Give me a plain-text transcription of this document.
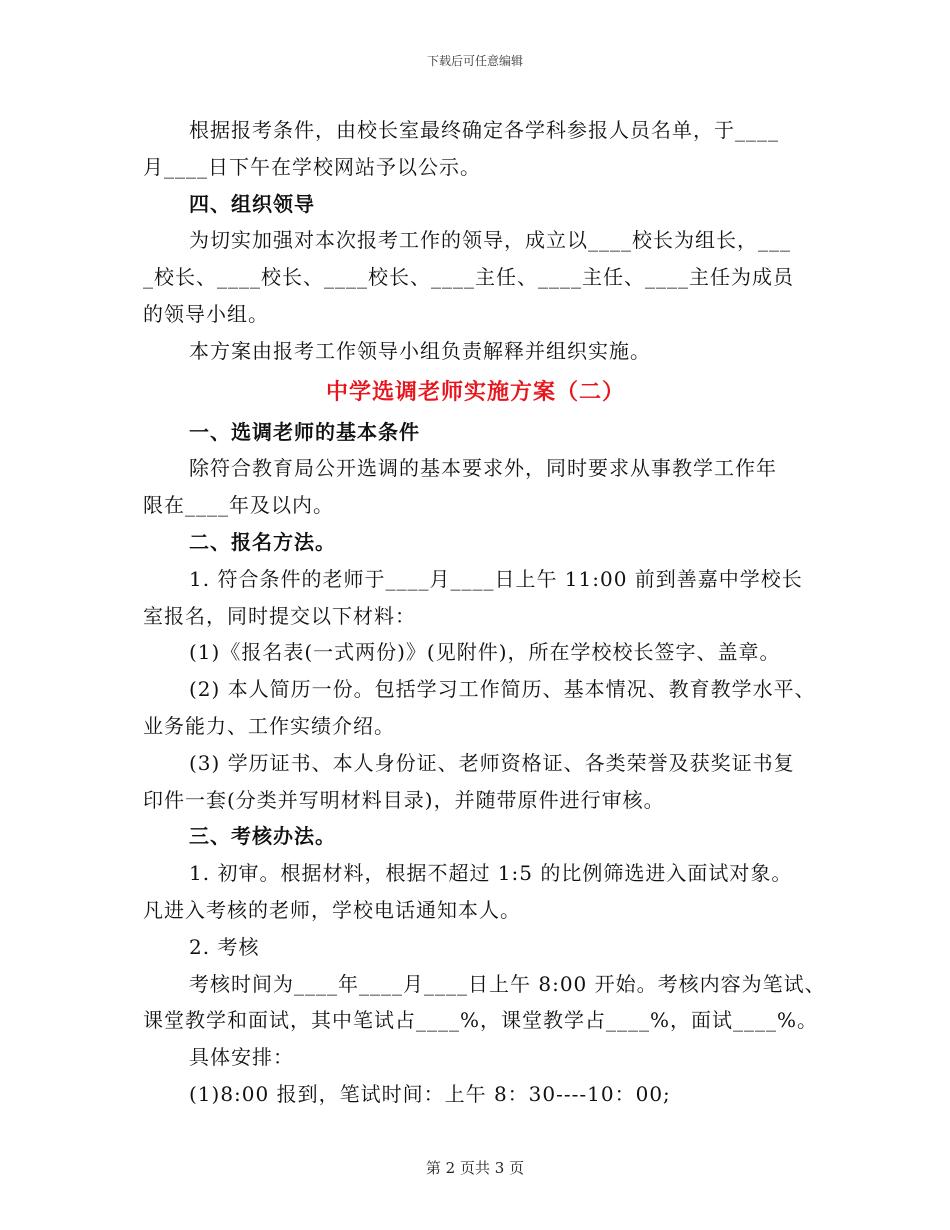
下载后可任意编辑
根据报考条件，由校长室最终确定各学科参报人员名单，于____
月____日下午在学校网站予以公示。
四、组织领导
为切实加强对本次报考工作的领导，成立以____校长为组长，___
_校长、____校长、____校长、____主任、____主任、____主任为成员
的领导小组。
本方案由报考工作领导小组负责解释并组织实施。
中学选调老师实施方案（二）
一、选调老师的基本条件
除符合教育局公开选调的基本要求外，同时要求从事教学工作年
限在____年及以内。
二、报名方法。
1. 符合条件的老师于____月____日上午 11:00 前到善嘉中学校长
室报名，同时提交以下材料：
(1)《报名表(一式两份)》(见附件)，所在学校校长签字、盖章。
(2) 本人简历一份。包括学习工作简历、基本情况、教育教学水平、
业务能力、工作实绩介绍。
(3) 学历证书、本人身份证、老师资格证、各类荣誉及获奖证书复
印件一套(分类并写明材料目录)，并随带原件进行审核。
三、考核办法。
1. 初审。根据材料，根据不超过 1:5 的比例筛选进入面试对象。
凡进入考核的老师，学校电话通知本人。
2. 考核
考核时间为____年____月____日上午 8:00 开始。考核内容为笔试、
课堂教学和面试，其中笔试占____%，课堂教学占____%，面试____%。
具体安排：
(1)8:00 报到，笔试时间：上午 8：30----10：00;
第 2 页共 3 页
